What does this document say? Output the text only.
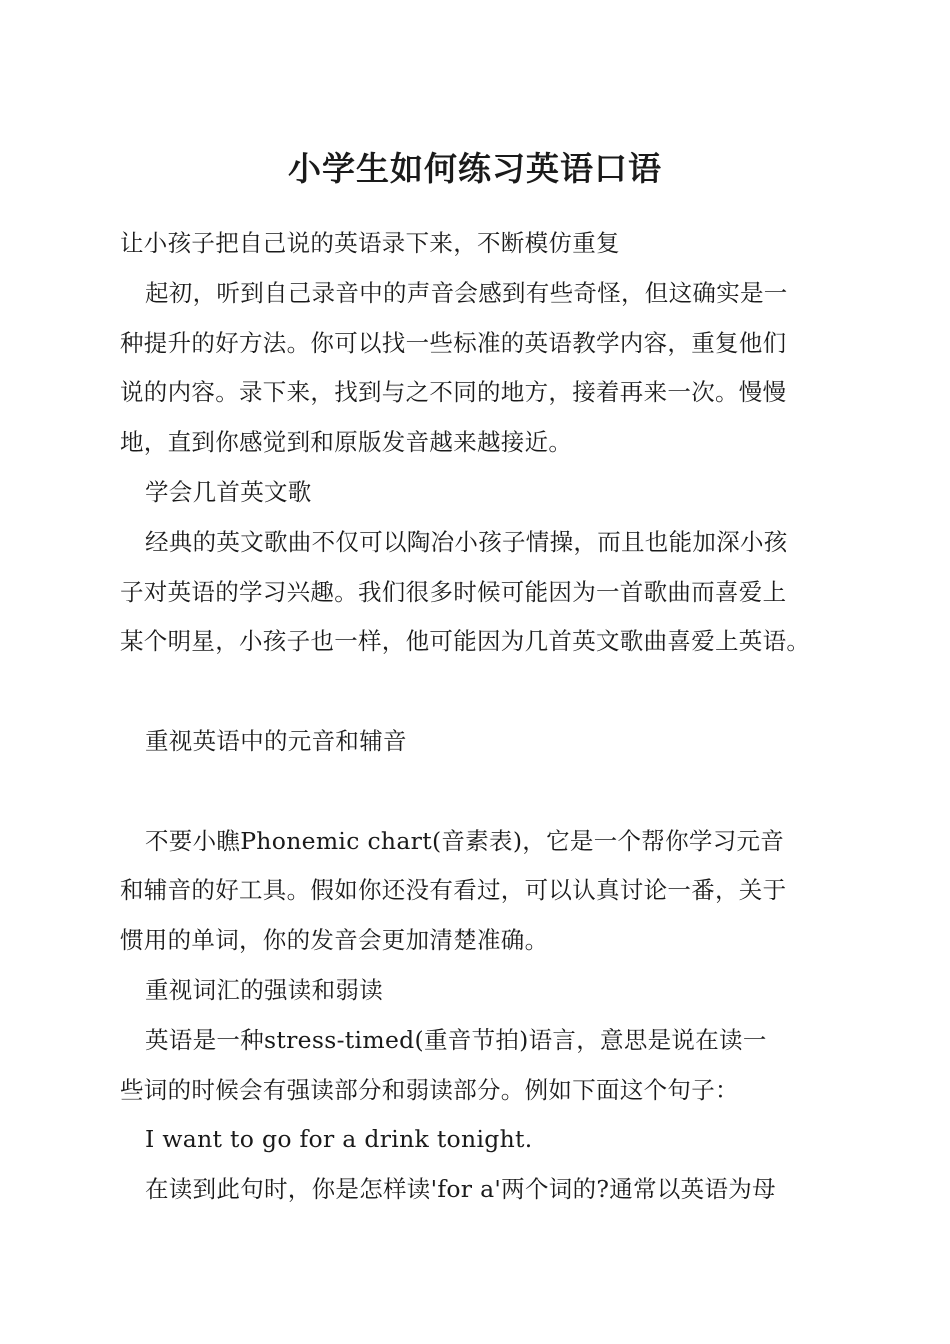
小学生如何练习英语口语
让小孩子把自己说的英语录下来，不断模仿重复
起初，听到自己录音中的声音会感到有些奇怪，但这确实是一
种提升的好方法。你可以找一些标准的英语教学内容，重复他们
说的内容。录下来，找到与之不同的地方，接着再来一次。慢慢
地，直到你感觉到和原版发音越来越接近。
学会几首英文歌
经典的英文歌曲不仅可以陶冶小孩子情操，而且也能加深小孩
子对英语的学习兴趣。我们很多时候可能因为一首歌曲而喜爱上
某个明星，小孩子也一样，他可能因为几首英文歌曲喜爱上英语。
重视英语中的元音和辅音
不要小瞧Phonemic chart(音素表)，它是一个帮你学习元音
和辅音的好工具。假如你还没有看过，可以认真讨论一番，关于
惯用的单词，你的发音会更加清楚准确。
重视词汇的强读和弱读
英语是一种stress-timed(重音节拍)语言，意思是说在读一
些词的时候会有强读部分和弱读部分。例如下面这个句子：
I want to go for a drink tonight.
在读到此句时，你是怎样读'for a'两个词的?通常以英语为母
